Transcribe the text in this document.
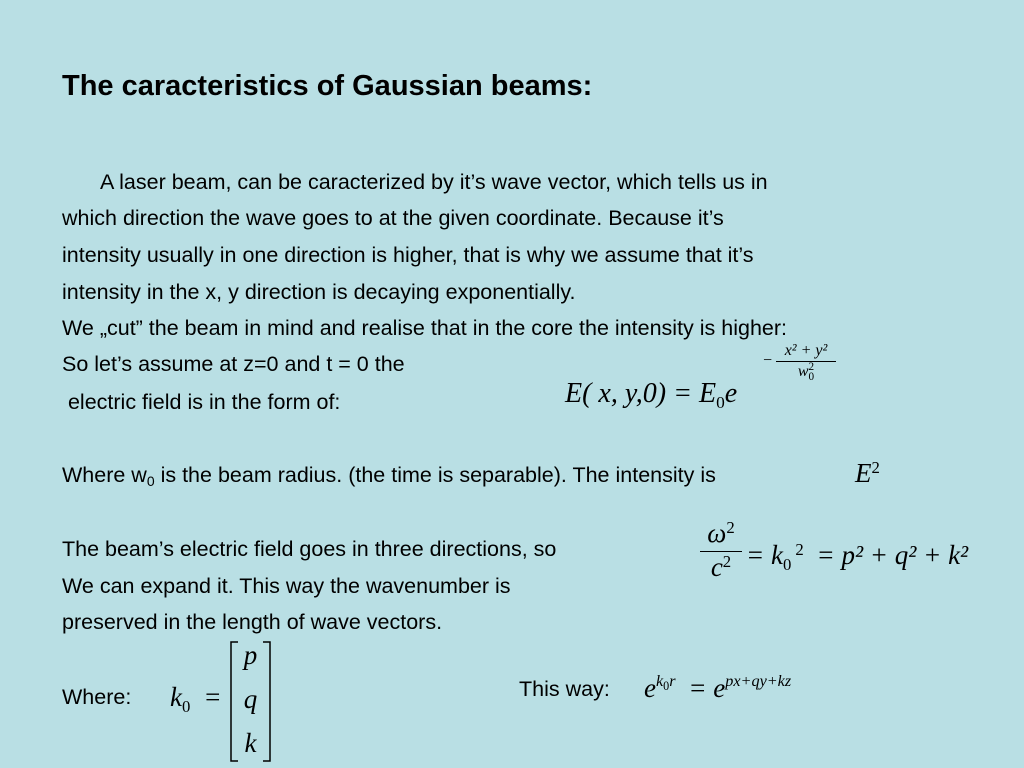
The caracteristics of Gaussian beams:
A laser beam, can be caracterized by it’s wave vector, which tells us in
which direction the wave goes to at the given coordinate. Because it’s
intensity usually in one direction is higher, that is why we assume that it’s
intensity in the x, y direction is decaying exponentially.
We „cut” the beam in mind and realise that in the core the intensity is higher:
So let’s assume at z=0 and t = 0 the
electric field is in the form of:	E( x, $y,0) = E_0e$
− x² + y²
w 2
0
Where w0 is the beam radius. (the time is separable). The intensity is	$E^2$
The beam’s electric field goes in three directions, so
We can expand it. This way the wavenumber is
preserved in the length of wave vectors.
$\frac{\omega^2}{c^2} = k_0^2 = p^2 + q^2 + k^2$
Where: $k_0$ =
p
q
k
This way: $e^{k_0r} = e^{px+qy+kz}$
